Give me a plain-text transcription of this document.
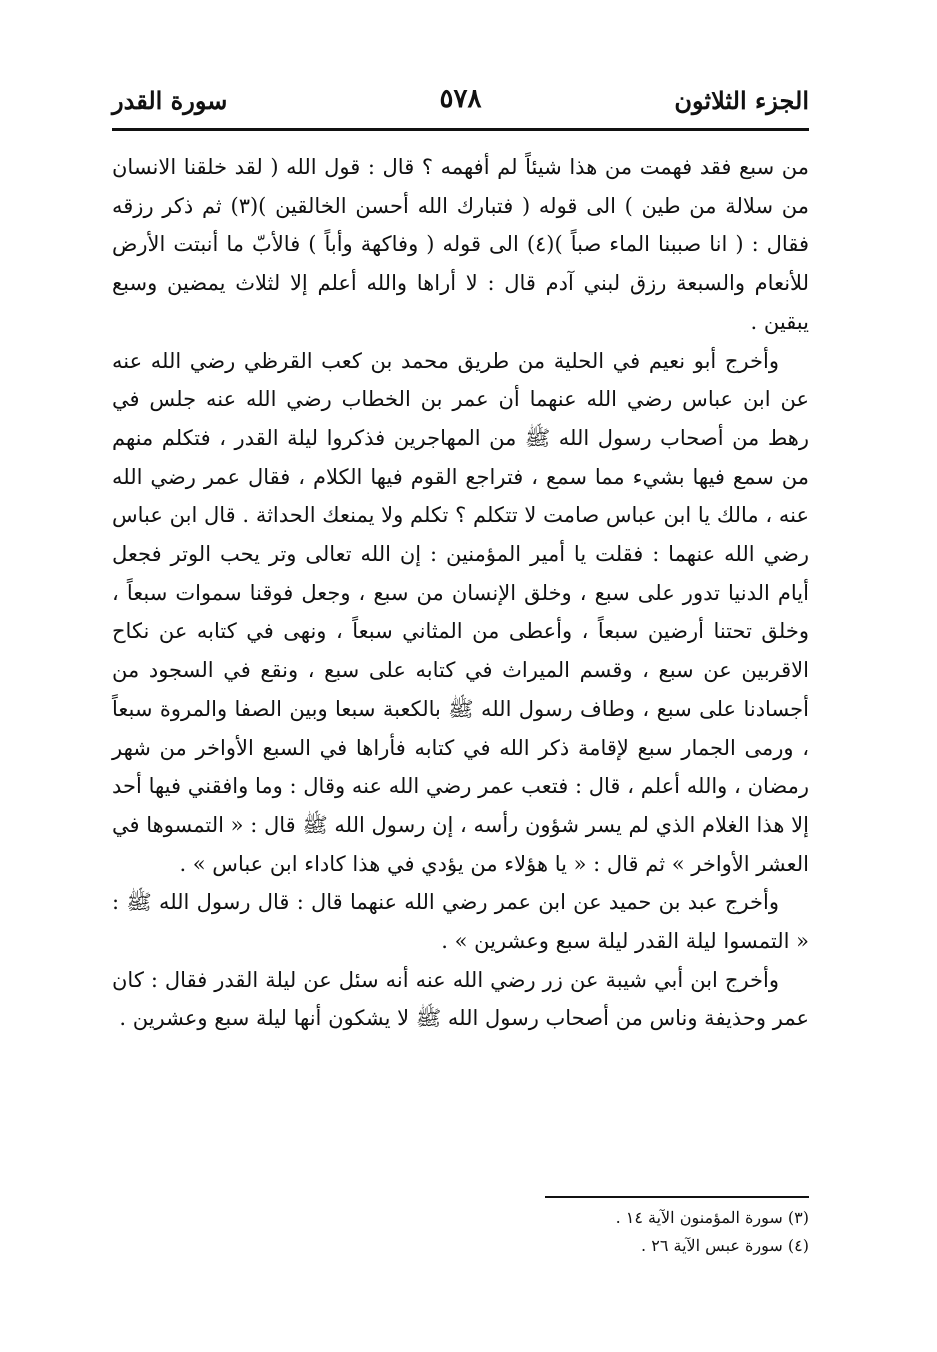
الجزء الثلاثون
٥٧٨
سورة القدر

من سبع فقد فهمت من هذا شيئاً لم أفهمه ؟ قال : قول الله ( لقد خلقنا الانسان من سلالة من طين ) الى قوله ( فتبارك الله أحسن الخالقين )(٣) ثم ذكر رزقه فقال : ( انا صببنا الماء صباً )(٤) الى قوله ( وفاكهة وأباً ) فالأبّ ما أنبتت الأرض للأنعام والسبعة رزق لبني آدم قال : لا أراها والله أعلم إلا لثلاث يمضين وسبع يبقين .

وأخرج أبو نعيم في الحلية من طريق محمد بن كعب القرظي رضي الله عنه عن ابن عباس رضي الله عنهما أن عمر بن الخطاب رضي الله عنه جلس في رهط من أصحاب رسول الله ﷺ من المهاجرين فذكروا ليلة القدر ، فتكلم منهم من سمع فيها بشيء مما سمع ، فتراجع القوم فيها الكلام ، فقال عمر رضي الله عنه ، مالك يا ابن عباس صامت لا تتكلم ؟ تكلم ولا يمنعك الحداثة . قال ابن عباس رضي الله عنهما : فقلت يا أمير المؤمنين : إن الله تعالى وتر يحب الوتر فجعل أيام الدنيا تدور على سبع ، وخلق الإنسان من سبع ، وجعل فوقنا سموات سبعاً ، وخلق تحتنا أرضين سبعاً ، وأعطى من المثاني سبعاً ، ونهى في كتابه عن نكاح الاقربين عن سبع ، وقسم الميراث في كتابه على سبع ، ونقع في السجود من أجسادنا على سبع ، وطاف رسول الله ﷺ بالكعبة سبعا وبين الصفا والمروة سبعاً ، ورمى الجمار سبع لإقامة ذكر الله في كتابه فأراها في السبع الأواخر من شهر رمضان ، والله أعلم ، قال : فتعب عمر رضي الله عنه وقال : وما وافقني فيها أحد إلا هذا الغلام الذي لم يسر شؤون رأسه ، إن رسول الله ﷺ قال : « التمسوها في العشر الأواخر » ثم قال : « يا هؤلاء من يؤدي في هذا كاداء ابن عباس » .

وأخرج عبد بن حميد عن ابن عمر رضي الله عنهما قال : قال رسول الله ﷺ : « التمسوا ليلة القدر ليلة سبع وعشرين » .

وأخرج ابن أبي شيبة عن زر رضي الله عنه أنه سئل عن ليلة القدر فقال : كان عمر وحذيفة وناس من أصحاب رسول الله ﷺ لا يشكون أنها ليلة سبع وعشرين .

(٣) سورة المؤمنون الآية ١٤ .
(٤) سورة عبس الآية ٢٦ .
